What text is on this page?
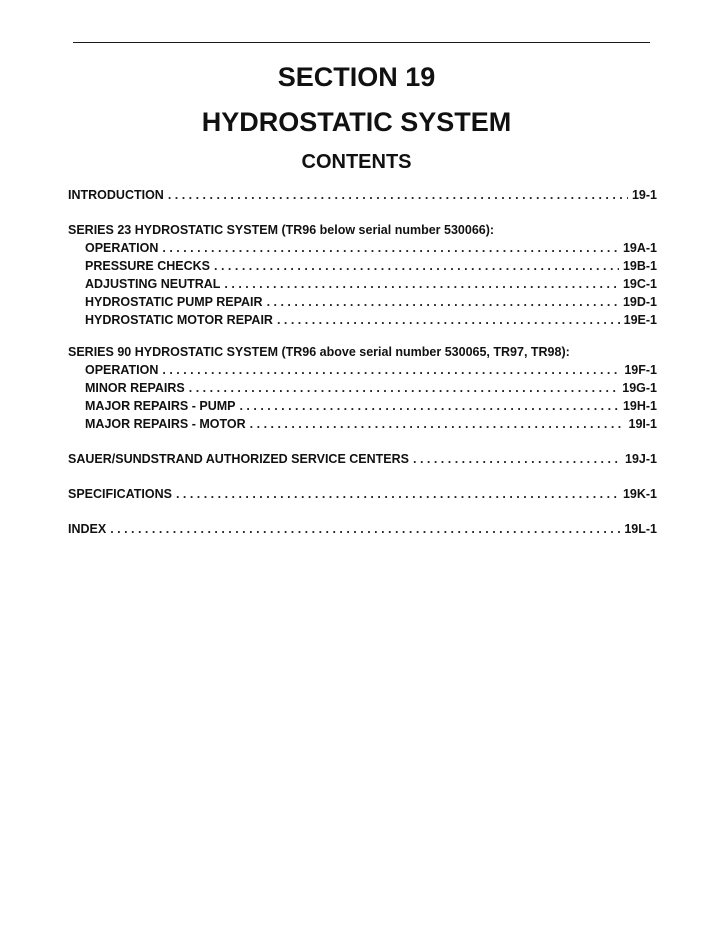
SECTION 19
HYDROSTATIC SYSTEM
CONTENTS
INTRODUCTION . . .	19-1
SERIES 23 HYDROSTATIC SYSTEM (TR96 below serial number 530066):
OPERATION . . .	19A-1
PRESSURE CHECKS . . .	19B-1
ADJUSTING NEUTRAL . . .	19C-1
HYDROSTATIC PUMP REPAIR . . .	19D-1
HYDROSTATIC MOTOR REPAIR . . .	19E-1
SERIES 90 HYDROSTATIC SYSTEM (TR96 above serial number 530065, TR97, TR98):
OPERATION . . .	19F-1
MINOR REPAIRS . . .	19G-1
MAJOR REPAIRS - PUMP . . .	19H-1
MAJOR REPAIRS - MOTOR . . .	19I-1
SAUER/SUNDSTRAND AUTHORIZED SERVICE CENTERS . . .	19J-1
SPECIFICATIONS . . .	19K-1
INDEX . . .	19L-1
